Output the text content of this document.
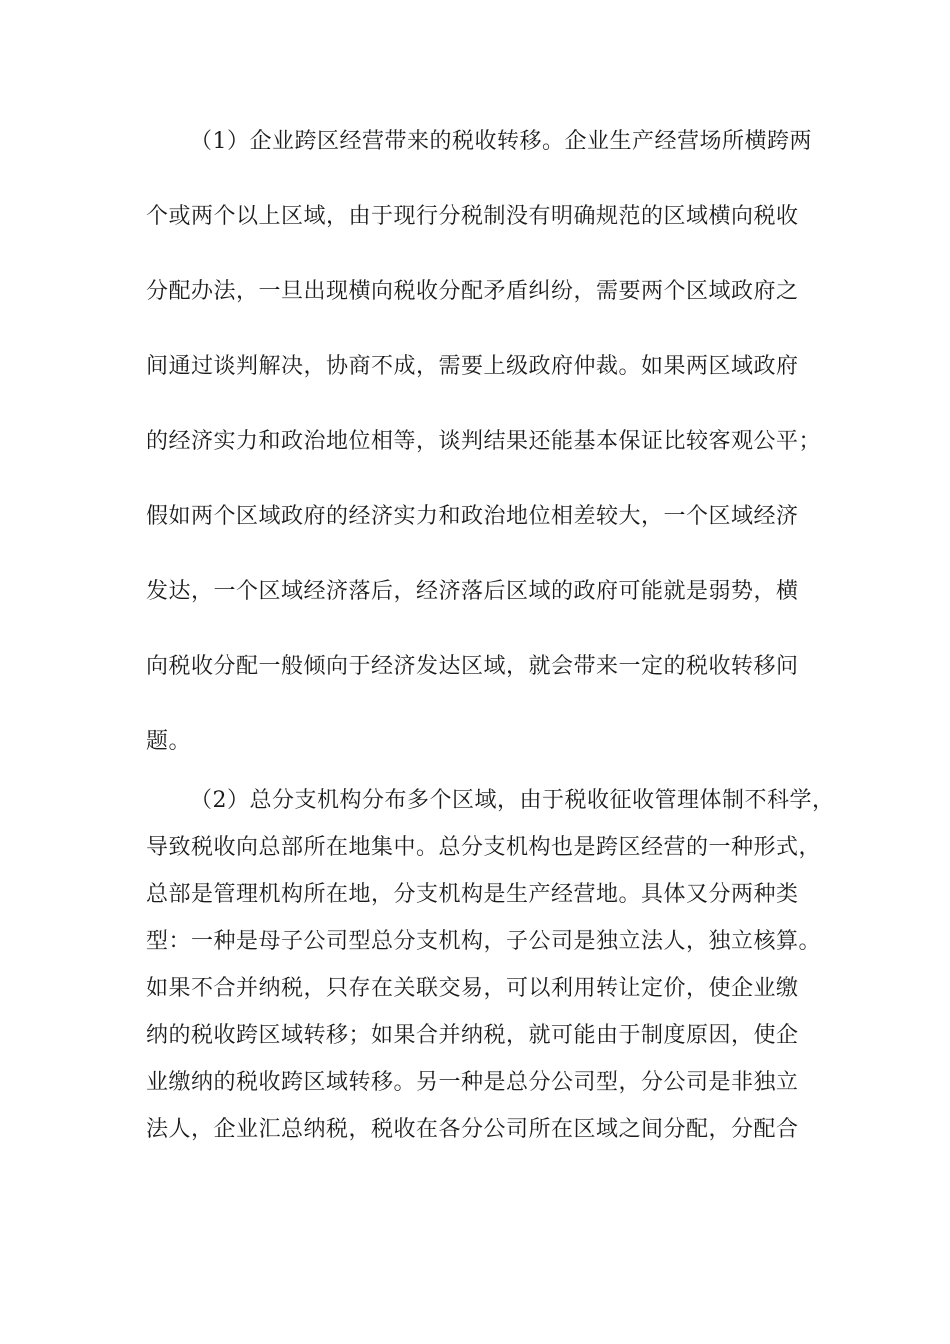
（1）企业跨区经营带来的税收转移。企业生产经营场所横跨两
个或两个以上区域，由于现行分税制没有明确规范的区域横向税收
分配办法，一旦出现横向税收分配矛盾纠纷，需要两个区域政府之
间通过谈判解决，协商不成，需要上级政府仲裁。如果两区域政府
的经济实力和政治地位相等，谈判结果还能基本保证比较客观公平；
假如两个区域政府的经济实力和政治地位相差较大，一个区域经济
发达，一个区域经济落后，经济落后区域的政府可能就是弱势，横
向税收分配一般倾向于经济发达区域，就会带来一定的税收转移问
题。
（2）总分支机构分布多个区域，由于税收征收管理体制不科学，
导致税收向总部所在地集中。总分支机构也是跨区经营的一种形式，
总部是管理机构所在地，分支机构是生产经营地。具体又分两种类
型：一种是母子公司型总分支机构，子公司是独立法人，独立核算。
如果不合并纳税，只存在关联交易，可以利用转让定价，使企业缴
纳的税收跨区域转移；如果合并纳税，就可能由于制度原因，使企
业缴纳的税收跨区域转移。另一种是总分公司型，分公司是非独立
法人，企业汇总纳税，税收在各分公司所在区域之间分配，分配合
